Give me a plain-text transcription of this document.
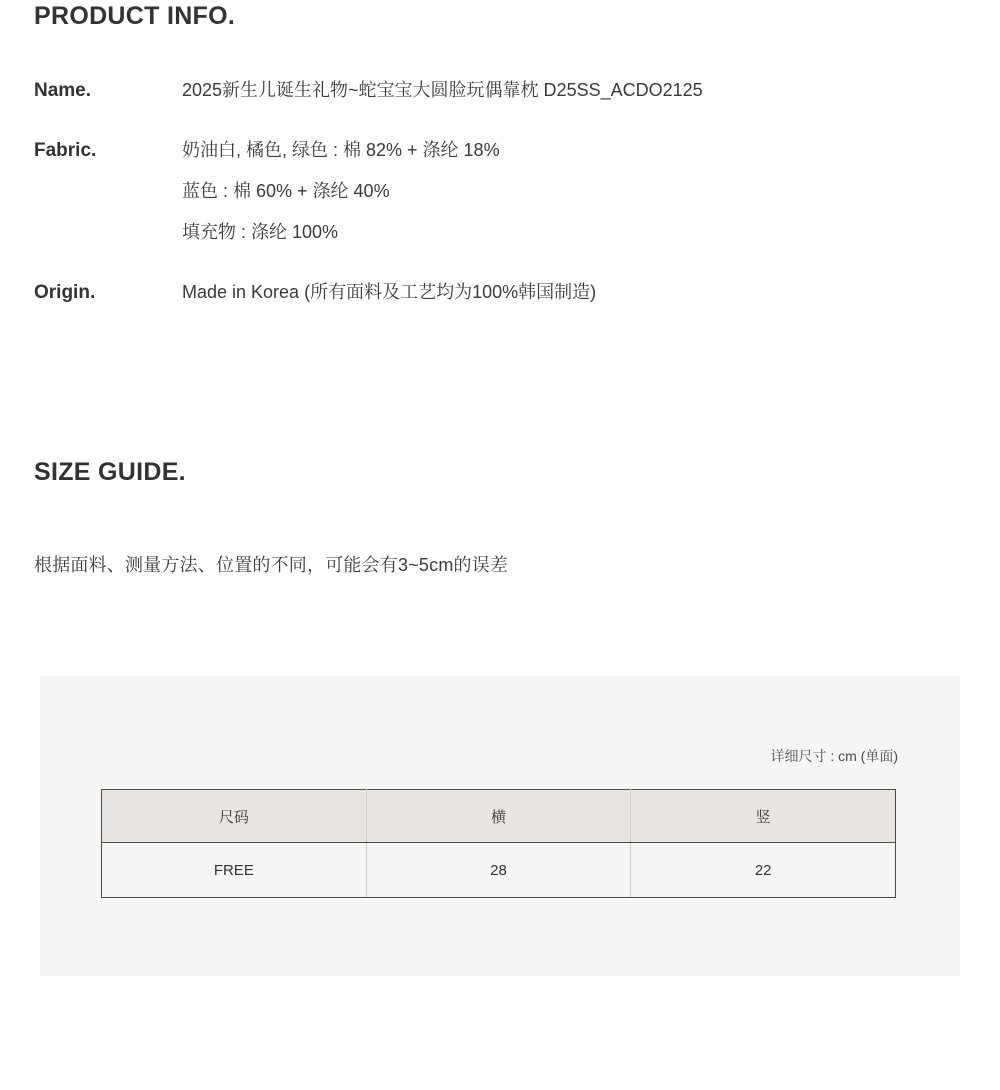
PRODUCT INFO.
Name.	2025新生儿诞生礼物~蛇宝宝大圆脸玩偶靠枕 D25SS_ACDO2125

Fabric.	奶油白, 橘色, 绿色 : 棉 82% + 涤纶 18%
蓝色 : 棉 60% + 涤纶 40%
填充物 : 涤纶 100%

Origin.	Made in Korea (所有面料及工艺均为100%韩国制造)
SIZE GUIDE.
根据面料、测量方法、位置的不同，可能会有3~5cm的误差
详细尺寸 : cm (单面)
尺码	横	竖
FREE	28	22
